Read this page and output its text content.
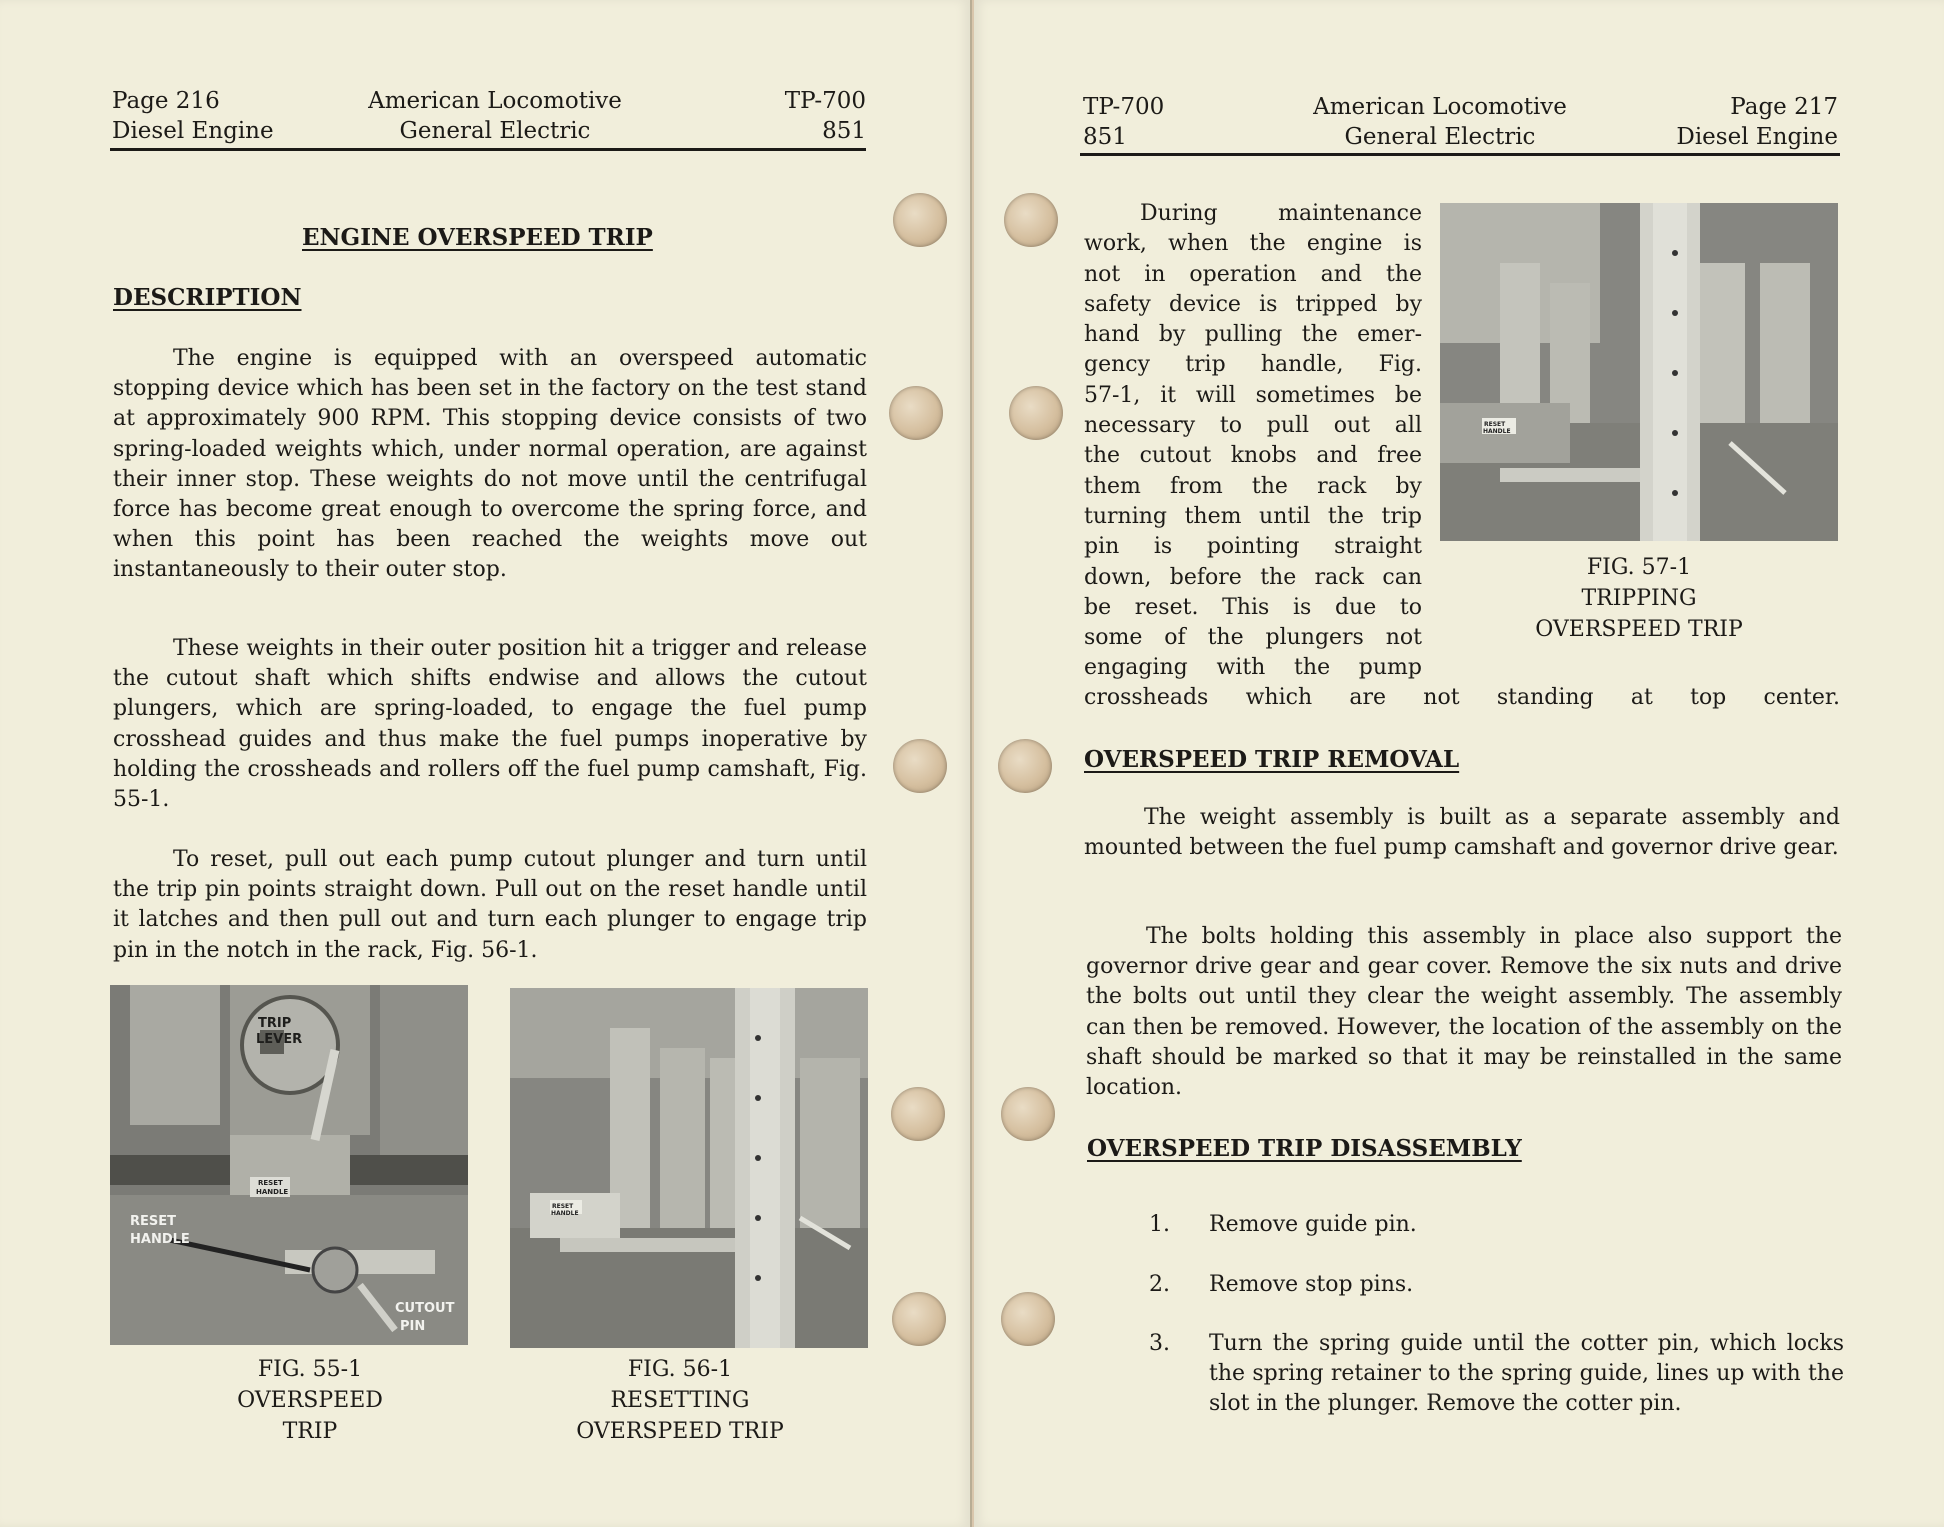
Page 216
Diesel Engine
American Locomotive
General Electric
TP-700
851
ENGINE OVERSPEED TRIP
DESCRIPTION

The engine is equipped with an overspeed automatic stopping device which has been set in the factory on the test stand at approximately 900 RPM. This stopping device consists of two spring-loaded weights which, under normal operation, are against their inner stop. These weights do not move until the centrifugal force has become great enough to overcome the spring force, and when this point has been reached the weights move out instantaneously to their outer stop.

These weights in their outer position hit a trigger and release the cutout shaft which shifts endwise and allows the cutout plungers, which are spring-loaded, to engage the fuel pump crosshead guides and thus make the fuel pumps inoperative by holding the crossheads and rollers off the fuel pump camshaft, Fig. 55-1.

To reset, pull out each pump cutout plunger and turn until the trip pin points straight down. Pull out on the reset handle until it latches and then pull out and turn each plunger to engage trip pin in the notch in the rack, Fig. 56-1.

RESET
HANDLE
TRIP
LEVER
RESET
HANDLE
CUTOUT
PIN
FIG. 55-1
OVERSPEED
TRIP
RESET
HANDLE
FIG. 56-1
RESETTING
OVERSPEED TRIP
TP-700
851
American Locomotive
General Electric
Page 217
Diesel Engine
During maintenance
work, when the engine is
not in operation and the
safety device is tripped by
hand by pulling the emer-
gency trip handle, Fig.
57-1, it will sometimes be
necessary to pull out all
the cutout knobs and free
them from the rack by
turning them until the trip
pin is pointing straight
down, before the rack can
be reset. This is due to
some of the plungers not
engaging with the pump
crossheads which are not standing at top center.
RESET
HANDLE
FIG. 57-1
TRIPPING
OVERSPEED TRIP
OVERSPEED TRIP REMOVAL

The weight assembly is built as a separate assembly and mounted between the fuel pump camshaft and governor drive gear.

The bolts holding this assembly in place also support the governor drive gear and gear cover. Remove the six nuts and drive the bolts out until they clear the weight assembly. The assembly can then be removed. However, the location of the assembly on the shaft should be marked so that it may be reinstalled in the same location.

OVERSPEED TRIP DISASSEMBLY
1.	Remove guide pin.
2.	Remove stop pins.
3.	Turn the spring guide until the cotter pin, which locks the spring retainer to the spring guide, lines up with the slot in the plunger. Remove the cotter pin.
